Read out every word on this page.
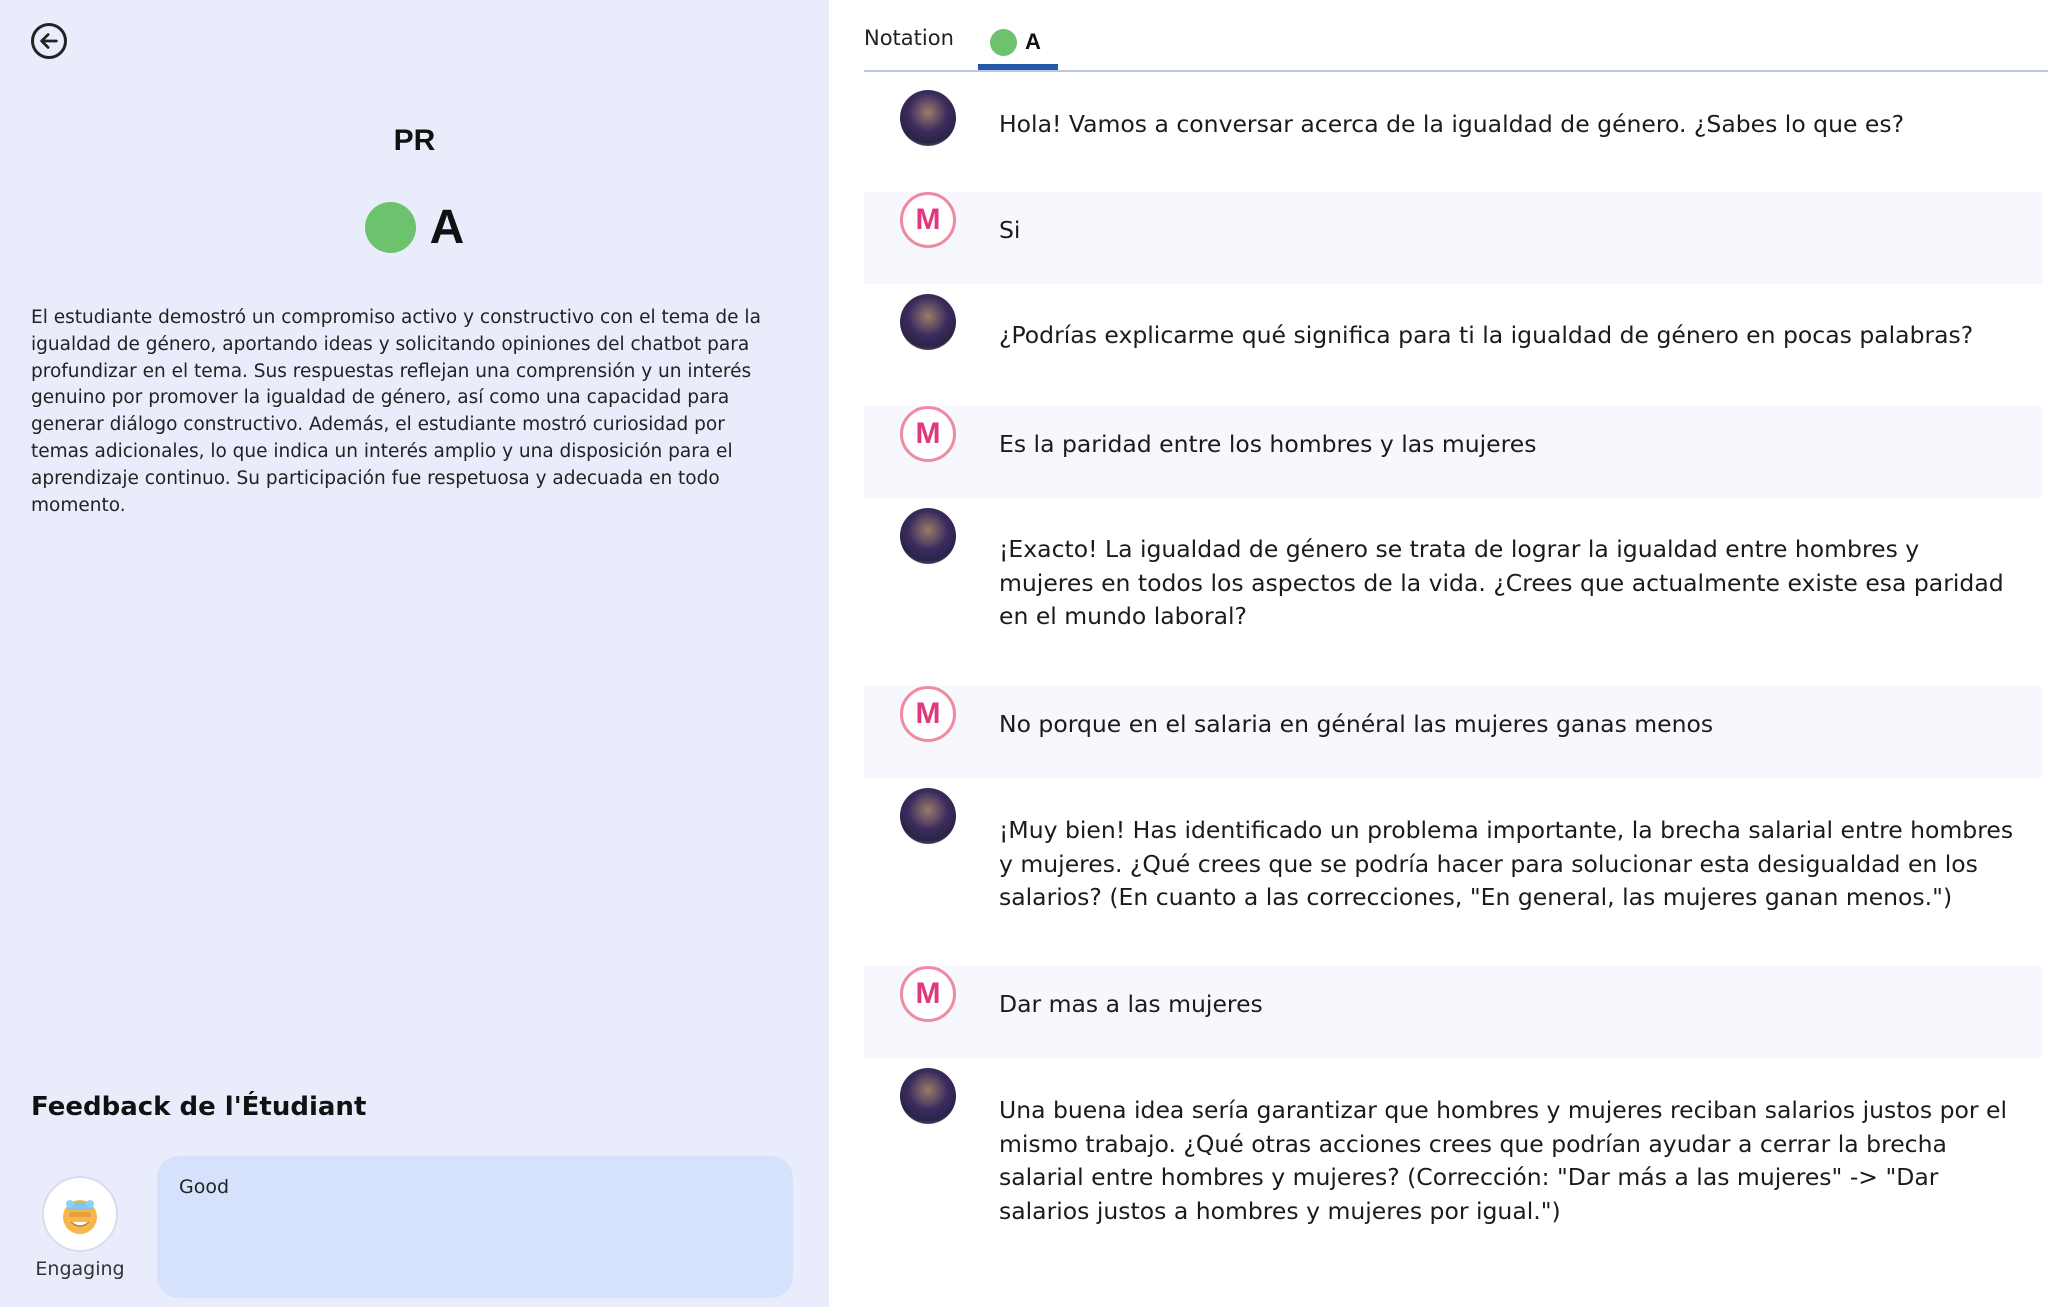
PR
A
El estudiante demostró un compromiso activo y constructivo con el tema de la igualdad de género, aportando ideas y solicitando opiniones del chatbot para profundizar en el tema. Sus respuestas reflejan una comprensión y un interés genuino por promover la igualdad de género, así como una capacidad para generar diálogo constructivo. Además, el estudiante mostró curiosidad por temas adicionales, lo que indica un interés amplio y una disposición para el aprendizaje continuo. Su participación fue respetuosa y adecuada en todo momento.
Feedback de l'Étudiant
Engaging
Good
Notation	A
Hola! Vamos a conversar acerca de la igualdad de género. ¿Sabes lo que es?
M Si
¿Podrías explicarme qué significa para ti la igualdad de género en pocas palabras?
M Es la paridad entre los hombres y las mujeres
¡Exacto! La igualdad de género se trata de lograr la igualdad entre hombres y mujeres en todos los aspectos de la vida. ¿Crees que actualmente existe esa paridad en el mundo laboral?
M No porque en el salaria en général las mujeres ganas menos
¡Muy bien! Has identificado un problema importante, la brecha salarial entre hombres y mujeres. ¿Qué crees que se podría hacer para solucionar esta desigualdad en los salarios? (En cuanto a las correcciones, "En general, las mujeres ganan menos.")
M Dar mas a las mujeres
Una buena idea sería garantizar que hombres y mujeres reciban salarios justos por el mismo trabajo. ¿Qué otras acciones crees que podrían ayudar a cerrar la brecha salarial entre hombres y mujeres? (Corrección: "Dar más a las mujeres" -> "Dar salarios justos a hombres y mujeres por igual.")
